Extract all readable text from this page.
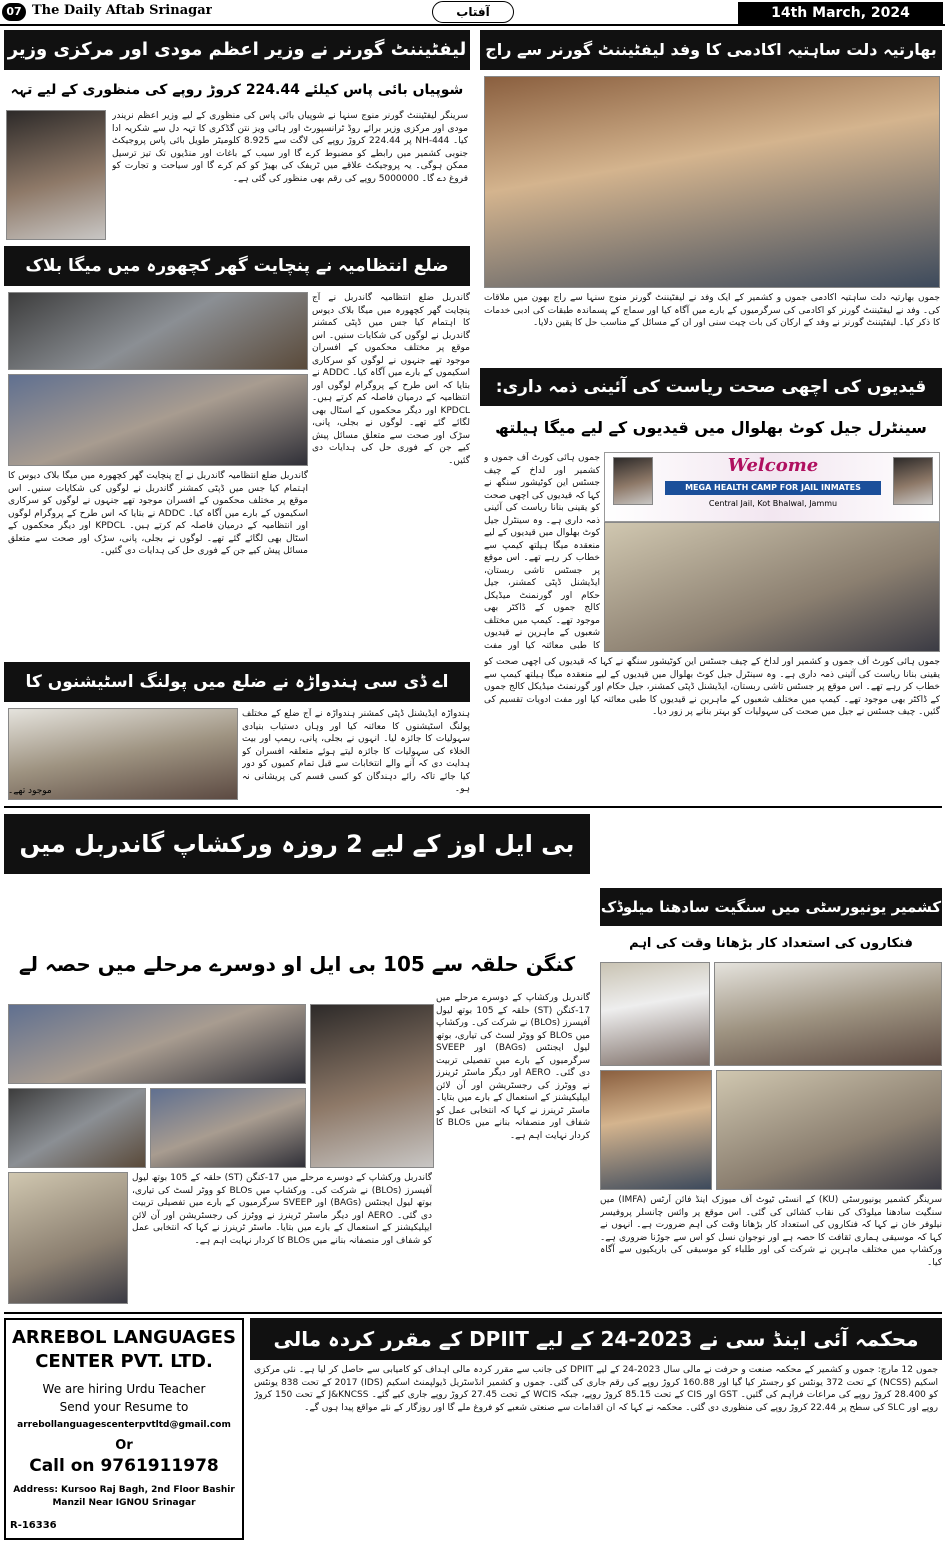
07 The Daily Aftab Srinagar	آفتاب	14th March, 2024
لیفٹیننٹ گورنر نے وزیر اعظم مودی اور مرکزی وزیر
شوپیاں بائی پاس کیلئے 224.44 کروڑ روپے کی منظوری کے لیے تہہ
سرینگر لیفٹیننٹ گورنر منوج سنہا نے شوپیاں بائی پاس کی منظوری کے لیے وزیر اعظم نریندر مودی اور مرکزی وزیر برائے روڈ ٹرانسپورٹ اور ہائی ویز نتن گڈکری کا تہہ دل سے شکریہ ادا کیا۔ NH-444 پر 224.44 کروڑ روپے کی لاگت سے 8.925 کلومیٹر طویل بائی پاس پروجیکٹ جنوبی کشمیر میں رابطے کو مضبوط کرے گا اور سیب کے باغات اور منڈیوں تک تیز ترسیل ممکن ہوگی۔ یہ پروجیکٹ علاقے میں ٹریفک کی بھیڑ کو کم کرے گا اور سیاحت و تجارت کو فروغ دے گا۔ 5000000 روپے کی رقم بھی منظور کی گئی ہے۔
بھارتیہ دلت ساہتیہ اکادمی کا وفد لیفٹیننٹ گورنر سے راج
جموں بھارتیہ دلت ساہتیہ اکادمی جموں و کشمیر کے ایک وفد نے لیفٹیننٹ گورنر منوج سنہا سے راج بھون میں ملاقات کی۔ وفد نے لیفٹیننٹ گورنر کو اکادمی کی سرگرمیوں کے بارے میں آگاہ کیا اور سماج کے پسماندہ طبقات کی ادبی خدمات کا ذکر کیا۔ لیفٹیننٹ گورنر نے وفد کے ارکان کی بات چیت سنی اور ان کے مسائل کے مناسب حل کا یقین دلایا۔
ضلع انتظامیہ نے پنچایت گھر کچھورہ میں میگا بلاک
گاندربل ضلع انتظامیہ گاندربل نے آج پنچایت گھر کچھورہ میں میگا بلاک دیوس کا اہتمام کیا جس میں ڈپٹی کمشنر گاندربل نے لوگوں کی شکایات سنیں۔ اس موقع پر مختلف محکموں کے افسران موجود تھے جنہوں نے لوگوں کو سرکاری اسکیموں کے بارے میں آگاہ کیا۔ ADDC نے بتایا کہ اس طرح کے پروگرام لوگوں اور انتظامیہ کے درمیان فاصلہ کم کرتے ہیں۔ KPDCL اور دیگر محکموں کے اسٹال بھی لگائے گئے تھے۔ لوگوں نے بجلی، پانی، سڑک اور صحت سے متعلق مسائل پیش کیے جن کے فوری حل کی ہدایات دی گئیں۔
گاندربل ضلع انتظامیہ گاندربل نے آج پنچایت گھر کچھورہ میں میگا بلاک دیوس کا اہتمام کیا جس میں ڈپٹی کمشنر گاندربل نے لوگوں کی شکایات سنیں۔ اس موقع پر مختلف محکموں کے افسران موجود تھے جنہوں نے لوگوں کو سرکاری اسکیموں کے بارے میں آگاہ کیا۔ ADDC نے بتایا کہ اس طرح کے پروگرام لوگوں اور انتظامیہ کے درمیان فاصلہ کم کرتے ہیں۔ KPDCL اور دیگر محکموں کے اسٹال بھی لگائے گئے تھے۔ لوگوں نے بجلی، پانی، سڑک اور صحت سے متعلق مسائل پیش کیے جن کے فوری حل کی ہدایات دی گئیں۔
قیدیوں کی اچھی صحت ریاست کی آئینی ذمہ داری:
سینٹرل جیل کوٹ بھلوال میں قیدیوں کے لیے میگا ہیلتھ
جموں ہائی کورٹ آف جموں و کشمیر اور لداخ کے چیف جسٹس این کوٹیشور سنگھ نے کہا کہ قیدیوں کی اچھی صحت کو یقینی بنانا ریاست کی آئینی ذمہ داری ہے۔ وہ سینٹرل جیل کوٹ بھلوال میں قیدیوں کے لیے منعقدہ میگا ہیلتھ کیمپ سے خطاب کر رہے تھے۔ اس موقع پر جسٹس تاشی ربستان، ایڈیشنل ڈپٹی کمشنر، جیل حکام اور گورنمنٹ میڈیکل کالج جموں کے ڈاکٹر بھی موجود تھے۔ کیمپ میں مختلف شعبوں کے ماہرین نے قیدیوں کا طبی معائنہ کیا اور مفت
Welcome
MEGA HEALTH CAMP FOR JAIL INMATES
Central Jail, Kot Bhalwal, Jammu
جموں ہائی کورٹ آف جموں و کشمیر اور لداخ کے چیف جسٹس این کوٹیشور سنگھ نے کہا کہ قیدیوں کی اچھی صحت کو یقینی بنانا ریاست کی آئینی ذمہ داری ہے۔ وہ سینٹرل جیل کوٹ بھلوال میں قیدیوں کے لیے منعقدہ میگا ہیلتھ کیمپ سے خطاب کر رہے تھے۔ اس موقع پر جسٹس تاشی ربستان، ایڈیشنل ڈپٹی کمشنر، جیل حکام اور گورنمنٹ میڈیکل کالج جموں کے ڈاکٹر بھی موجود تھے۔ کیمپ میں مختلف شعبوں کے ماہرین نے قیدیوں کا طبی معائنہ کیا اور مفت ادویات تقسیم کی گئیں۔ چیف جسٹس نے جیل میں صحت کی سہولیات کو بہتر بنانے پر زور دیا۔
اے ڈی سی ہندواڑہ نے ضلع میں پولنگ اسٹیشنوں کا
ہندواڑہ ایڈیشنل ڈپٹی کمشنر ہندواڑہ نے آج ضلع کے مختلف پولنگ اسٹیشنوں کا معائنہ کیا اور وہاں دستیاب بنیادی سہولیات کا جائزہ لیا۔ انہوں نے بجلی، پانی، ریمپ اور بیت الخلاء کی سہولیات کا جائزہ لیتے ہوئے متعلقہ افسران کو ہدایت دی کہ آنے والے انتخابات سے قبل تمام کمیوں کو دور کیا جائے تاکہ رائے دہندگان کو کسی قسم کی پریشانی نہ ہو۔
موجود تھے۔
بی ایل اوز کے لیے 2 روزہ ورکشاپ گاندربل میں
کنگن حلقہ سے 105 بی ایل او دوسرے مرحلے میں حصہ لے
گاندربل ورکشاپ کے دوسرے مرحلے میں 17-کنگن (ST) حلقہ کے 105 بوتھ لیول آفیسرز (BLOs) نے شرکت کی۔ ورکشاپ میں BLOs کو ووٹر لسٹ کی تیاری، بوتھ لیول ایجنٹس (BAGs) اور SVEEP سرگرمیوں کے بارے میں تفصیلی تربیت دی گئی۔ AERO اور دیگر ماسٹر ٹرینرز نے ووٹرز کی رجسٹریشن اور آن لائن ایپلیکیشنز کے استعمال کے بارے میں بتایا۔ ماسٹر ٹرینرز نے کہا کہ انتخابی عمل کو شفاف اور منصفانہ بنانے میں BLOs کا کردار نہایت اہم ہے۔
گاندربل ورکشاپ کے دوسرے مرحلے میں 17-کنگن (ST) حلقہ کے 105 بوتھ لیول آفیسرز (BLOs) نے شرکت کی۔ ورکشاپ میں BLOs کو ووٹر لسٹ کی تیاری، بوتھ لیول ایجنٹس (BAGs) اور SVEEP سرگرمیوں کے بارے میں تفصیلی تربیت دی گئی۔ AERO اور دیگر ماسٹر ٹرینرز نے ووٹرز کی رجسٹریشن اور آن لائن ایپلیکیشنز کے استعمال کے بارے میں بتایا۔ ماسٹر ٹرینرز نے کہا کہ انتخابی عمل کو شفاف اور منصفانہ بنانے میں BLOs کا کردار نہایت اہم ہے۔
کشمیر یونیورسٹی میں سنگیت سادھنا میلوڈک
فنکاروں کی استعداد کار بڑھانا وقت کی اہم
سرینگر کشمیر یونیورسٹی (KU) کے انسٹی ٹیوٹ آف میوزک اینڈ فائن آرٹس (IMFA) میں سنگیت سادھنا میلوڈک کی نقاب کشائی کی گئی۔ اس موقع پر وائس چانسلر پروفیسر نیلوفر خان نے کہا کہ فنکاروں کی استعداد کار بڑھانا وقت کی اہم ضرورت ہے۔ انہوں نے کہا کہ موسیقی ہماری ثقافت کا حصہ ہے اور نوجوان نسل کو اس سے جوڑنا ضروری ہے۔ ورکشاپ میں مختلف ماہرین نے شرکت کی اور طلباء کو موسیقی کی باریکیوں سے آگاہ کیا۔
ARREBOL LANGUAGES CENTER PVT. LTD.
We are hiring Urdu Teacher
Send your Resume to
arrebollanguagescenterpvtltd@gmail.com
Or
Call on 9761911978
Address: Kursoo Raj Bagh, 2nd Floor Bashir Manzil Near IGNOU Srinagar
R-16336
محکمہ آئی اینڈ سی نے 2023-24 کے لیے DPIIT کے مقرر کردہ مالی
جموں 12 مارچ: جموں و کشمیر کے محکمہ صنعت و حرفت نے مالی سال 2023-24 کے لیے DPIIT کی جانب سے مقرر کردہ مالی اہداف کو کامیابی سے حاصل کر لیا ہے۔ نئی مرکزی اسکیم (NCSS) کے تحت 372 یونٹس کو رجسٹر کیا گیا اور 160.88 کروڑ روپے کی رقم جاری کی گئی۔ جموں و کشمیر انڈسٹریل ڈیولپمنٹ اسکیم (IDS) 2017 کے تحت 838 یونٹس کو 28.400 کروڑ روپے کی مراعات فراہم کی گئیں۔ GST اور CIS کے تحت 85.15 کروڑ روپے، جبکہ WCIS کے تحت 27.45 کروڑ روپے جاری کیے گئے۔ J&KNCSS کے تحت 150 کروڑ روپے اور SLC کی سطح پر 22.44 کروڑ روپے کی منظوری دی گئی۔ محکمہ نے کہا کہ ان اقدامات سے صنعتی شعبے کو فروغ ملے گا اور روزگار کے نئے مواقع پیدا ہوں گے۔
